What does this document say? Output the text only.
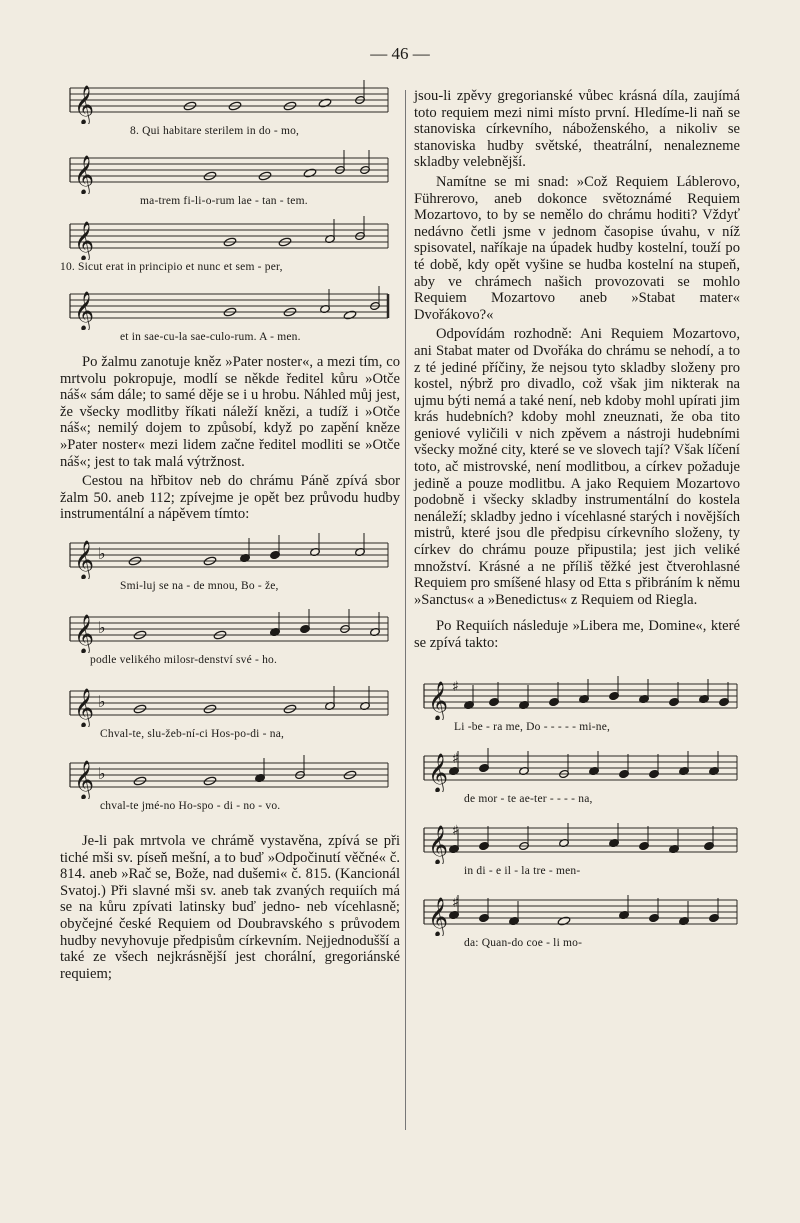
— 46 —
𝄞
8. Qui habitare sterilem in do - mo,
𝄞
ma-trem fi-li-o-rum lae - tan - tem.
𝄞
10. Sicut erat in principio et nunc et sem - per,
𝄞
et in sae-cu-la sae-culo-rum. A - men.

Po žalmu zanotuje kněz »Pater noster«, a mezi tím, co mrtvolu pokropuje, modlí se někde ředitel kůru »Otče náš« sám dále; to samé děje se i u hrobu. Náhled můj jest, že všecky modlitby říkati náleží knězi, a tudíž i »Otče náš«; nemilý dojem to způsobí, když po zapění kněze »Pater noster« mezi lidem začne ředitel modliti se »Otče náš«; jest to tak malá výtržnost.

Cestou na hřbitov neb do chrámu Páně zpívá sbor žalm 50. aneb 112; zpívejme je opět bez průvodu hudby instrumentální a nápěvem tímto:

𝄞 ♭
Smi-luj se na - de mnou, Bo - že,
𝄞 ♭
podle velikého milosr-denství své - ho.
𝄞 ♭
Chval-te, slu-žeb-ní-ci Hos-po-di - na,
𝄞 ♭
chval-te jmé-no Ho-spo - di - no - vo.

Je-li pak mrtvola ve chrámě vystavěna, zpívá se při tiché mši sv. píseň mešní, a to buď »Odpočinutí věčné« č. 814. aneb »Rač se, Bože, nad dušemi« č. 815. (Kancionál Svatoj.) Při slavné mši sv. aneb tak zvaných requiích má se na kůru zpívati latinsky buď jedno- neb vícehlasně; obyčejné české Requiem od Doubravského s průvodem hudby nevyhovuje předpisům církevním. Nejjednodušší a také ze všech nejkrásnější jest chorální, gregoriánské requiem;

jsou-li zpěvy gregorianské vůbec krásná díla, zaujímá toto requiem mezi nimi místo první. Hledíme-li naň se stanoviska církevního, náboženského, a nikoliv se stanoviska hudby světské, theatrální, nenalezneme skladby velebnější.

Namítne se mi snad: »Což Requiem Láblerovo, Führerovo, aneb dokonce světoznámé Requiem Mozartovo, to by se nemělo do chrámu hoditi? Vždyť nedávno četli jsme v jednom časopise úvahu, v níž spisovatel, naříkaje na úpadek hudby kostelní, touží po té době, kdy opět vyšine se hudba kostelní na stupeň, aby ve chrámech našich provozovati se mohlo Requiem Mozartovo aneb »Stabat mater« Dvořákovo?«

Odpovídám rozhodně: Ani Requiem Mozartovo, ani Stabat mater od Dvořáka do chrámu se nehodí, a to z té jediné příčiny, že nejsou tyto skladby složeny pro kostel, nýbrž pro divadlo, což však jim nikterak na ujmu býti nemá a také není, neb kdoby mohl upírati jim krás hudebních? kdoby mohl zneuznati, že oba tito geniové vyličili v nich zpěvem a nástroji hudebními všecky možné city, které se ve slovech tají? Však líčení toto, ač mistrovské, není modlitbou, a církev požaduje jedině a pouze modlitbu. A jako Requiem Mozartovo podobně i všecky skladby instrumentální do kostela nenáleží; skladby jedno i vícehlasné starých i novějších mistrů, které jsou dle předpisu církevního složeny, ty církev do chrámu pouze připustila; jest jich veliké množství. Krásné a ne příliš těžké jest čtverohlasné Requiem pro smíšené hlasy od Etta s přibráním k němu »Sanctus« a »Benedictus« z Requiem od Riegla.

Po Requiích následuje »Libera me, Domine«, které se zpívá takto:

𝄞 ♯
Li -be - ra me, Do - - - - - mi-ne,
𝄞 ♯
de mor - te ae-ter - - - - na,
𝄞 ♯
in di - e il - la tre - men-
𝄞 ♯
da: Quan-do coe - li mo-
